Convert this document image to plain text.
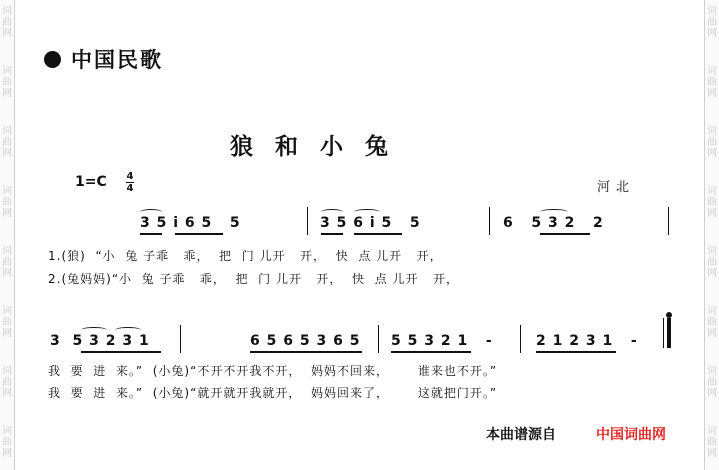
词
曲
网
词
曲
网
词
曲
网
词
曲
网
词
曲
网
词
曲
网
词
曲
网
词
曲
网
词
曲
网
词
曲
网
词
曲
网
词
曲
网
词
曲
网
词
曲
网
词
曲
网
词
曲
网
中国民歌
狼和小兔
1=C 4
4	河北
3 5 i 6 5   5	3 5 6 i 5   5	6   5 3 2   2
1.(狼)  “小  兔 子乖   乖，  把  门 儿开   开，  快  点 儿开   开，
2.(兔妈妈)“小  兔 子乖   乖，  把  门 儿开   开，  快  点 儿开   开，
3  5 3 2 3 1	6 5 6 5 3 6 5 5 5 3 2 1   -	2 1 2 3 1   -
我  要  进  来。”  (小兔)“不开不开我不开，  妈妈不回来，      谁来也不开。”
我  要  进  来。”  (小兔)“就开就开我就开，  妈妈回来了，      这就把门开。”
本曲谱源自	中国词曲网
